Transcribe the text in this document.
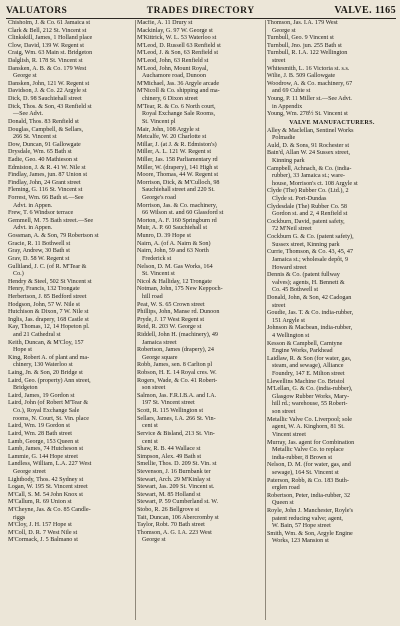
VALUATORS	TRADES DIRECTORY	VALVE. 1165
Chisholm, J. & Co. 61 Jamaica st
Clark & Bell, 212 St. Vincent st
Clinkskill, James, 1 Holland place
Clow, David, 139 W. Regent st
Craig, Wm. 63 Main st. Bridgeton
Dalglish, R. 178 St. Vincent st
Dansken, A. B. & Co. 179 West
George st
Dansken, John, 121 W. Regent st
Davidson, J. & Co. 22 Argyle st
Dick, D. 98 Sauchiehall street
Dick, Thos. & Son, 43 Renfield st
—See Advt.
Donald, Thos. 83 Renfield st
Douglas, Campbell, & Sellars,
266 St. Vincent st
Dow, Duncan, 91 Gallowgate
Drysdale, Wm. 65 Bath st
Eadie, Geo. 40 Mathieson st
Edmiston, J. & R. 41 W. Nile st
Findlay, James, jun. 87 Union st
Findlay, John, 24 Grant street
Fleming, G. 116 St. Vincent st
Forrest, Wm. 66 Bath st.—See
Advt. in Appen.
Frew, T. 6 Windsor terrace
Gemmell, M. 75 Bath street.—See
Advt. in Appen.
Gossman, A. & Son, 79 Robertson st
Gracie, R. 11 Bothwell st
Gray, Andrew, 30 Bath st
Grav, D. 58 W. Regent st
Gulliland, J. C. (of R. M'Tear &
Co.)
Hendry & Steel, 502 St Vincent st
Henry, Francis, 132 Trongate
Herbertson, J. 85 Bedford street
Hodgson, John, 57 W. Nile st
Hutchison & Dixon, 7 W. Nile st
Inglis, Jas. drapery, 168 Castle st
Kay, Thomas, 12, 14 Hopeton pl.
and 21 Cathedral st
Keith, Duncan, & M'Cloy, 157
Hope st
King, Robert A. of plant and ma-
chinery, 130 Waterloo st
Laing, Jn. & Son, 20 Bridge st
Laird, Geo. (property) Ann street,
Bridgeton
Laird, James, 19 Gordon st
Laird, John (of Robert M'Tear &
Co.), Royal Exchange Sale
rooms, N. Court, St. Vin. place
Laird, Wm. 19 Gordon st
Laird, Wm. 28 Bath street
Lamb, George, 153 Queen st
Lamb, James, 74 Hutcheson st
Lammie, G. 144 Hope street
Landless, William, L.A. 227 West
George street
Lightbody, Thos. 42 Sydney st
Logan, W. 195 St. Vincent street
M'Call, S. M. 54 John Knox st
M'Callum, R. 69 Union st
M'Cheyne, Jas. & Co. 85 Candle-
riggs
M'Cloy, J. H. 157 Hope st
M'Coll, D. R. 7 West Nile st
M'Cormack, J. 5 Balmano st
Macfie, A. 11 Drury st
Mackinlay, G. 97 W. George st
M'Kittrick, W. L. 53 Waterloo st
M'Leod, D. Russell 63 Renfield st
M'Leod, J. & Son, 63 Renfield st
M'Leod, John, 63 Renfield st
M'Leod, John, Mount Royal,
Auchamore road, Dunoon
M'Michael, Jas. 36 Argyle arcade
M'Nicoll & Co. shipping and ma-
chinery, 6 Dixon street
M'Tear, R. & Co. 6 North court,
Royal Exchange Sale Rooms,
St. Vincent pl
Mair, John, 108 Argyle st
Metcalfe, W. 20 Charlotte st
Millar, J. (at J. & R. Edmiston's)
Miller, A. L. 121 W. Regent st
Miller, Jas. 158 Parliamentary rd
Miller, W. (drapery), 141 High st
Moore, Thomas, 44 W. Regent st
Morrison, Dick, & M'Culloch, 98
Sauchiehall street and 220 St.
George's road
Morrison, Jas. & Co. machinery,
66 Wilson st. and 60 Glassford st
Morton, A. F. 160 Springburn rd
Muir, A. P. 60 Sauchiehall st
Munro, D. 39 Hope st
Nairn, A. (of A. Nairn & Son)
Nairn, John, 59 and 63 North
Frederick st
Nelson, D. M. Gas Works, 164
St. Vincent st
Nicol & Halliday, 12 Trongate
Notman, John, 175 New Keppoch-
hill road
Peat, W. S. 65 Crown street
Phillips, John, Manse rd. Dunoon
Pryde, J. 17 West Regent st
Reid, R. 203 W. George st
Riddell, John H. (machinery), 49
Jamaica street
Robertson, James (drapery), 24
George square
Robb, James, sen. 8 Carlton pl
Robson, H. E. 14 Royal cres. W.
Rogers, Wade, & Co. 41 Robert-
son street
Salmon, Jas. F.R.I.B.A. and I.A.
197 St. Vincent street
Scott, R. 115 Wellington st
Sellars, James, I.A. 266 St. Vin-
cent st
Service & Bisland, 213 St. Vin-
cent st
Shaw, R. B. 44 Wallace st
Simpson, Alex. 49 Bath st
Smellie, Thos. D. 209 St. Vin. st
Stevenson, J. 16 Burnbank ter
Stewart, Arch. 29 M'Kinlay st
Stewart, Jas. 209 St. Vincent st.
Stewart, M. 85 Holland st
Stewart, P. 59 Cumberland st. W.
Stobo, R. 26 Bellgrove st
Tait, Duncan, 106 Abercromby st
Taylor, Robt. 70 Bath street
Thomson, A. G. I.A. 223 West
George st
Thomson, Jas. I.A. 179 West
George st
Turnbull, Geo. 9 Vincent st
Turnbull, Jno. jun. 255 Bath st
Turnbull, R. I.A. 122 Wellington
street
Whitesmith, L. 16 Victoria st. s.s.
Wilie, J. B. 509 Gallowgate
Woodrow, A. & Co. machinery, 67
and 69 Cubie st
Young, P. 11 Miller st.—See Advt.
in Appendix
Young, Wm. 278½ St. Vincent st
VALVE MANUFACTURERS.
Alley & Maclellan, Sentinel Works
Polmadie
Auld, D. & Sons, 91 Rochester st
Bain'd, Allan W. 24 Sussex street,
Kinning park
Campbell, Achnach, & Co. (india-
rubber), 33 Jamaica st.; ware-
house, Morrison's ct. 108 Argyle st
Clyde (The) Rubber Co. (Ltd.), 2
Clyde st. Port-Dundas
Clydesdale (The) Rubber Co. 58
Gordon st. and 2, 4 Renfield st
Cockburn, David, patent safety,
72 M'Neil street
Cockburn G. & Co. (patent safety),
Sussex street, Kinning park
Currie, Thomson, & Co. 43, 45, 47
Jamaica st.; wholesale depôt, 9
Howard street
Dennis & Co. (patent fullway
valves); agents, H. Bennett &
Co. 45 Bothwell st
Donald, John, & Son, 42 Cadogan
street
Goudie, Jas. T. & Co. india-rubber,
151 Argyle st
Johnson & Macbean, india-rubber,
4 Wellington st
Kesson & Campbell, Carntyne
Engine Works, Parkhead
Laidlaw, R. & Son (for water, gas,
steam, and sewage), Alliance
Foundry, 147 E. Milton street
Llewellins Machine Co. Bristol
M'Lellan, G. & Co. (india-rubber),
Glasgow Rubber Works, Mary-
hill rd.; warehouse, 55 Robert-
son street
Metallic Valve Co. Liverpool; sole
agent, W. A. Kinghorn, 81 St.
Vincent street
Murray, Jas. agent for Combination
Metallic Valve Co. to replace
india-rubber, 8 Brown st
Nelson, D. M. (for water, gas, and
sewage), 164 St. Vincent st
Paterson, Robb, & Co. 183 Buth-
erglen road
Robertson, Peter, india-rubber, 32
Queen st
Royle, John J. Manchester, Royle's
patent reducing valve; agent,
W. Bain, 57 Hope street
Smith, Wm. & Son, Argyle Engine
Works, 123 Mansion st
